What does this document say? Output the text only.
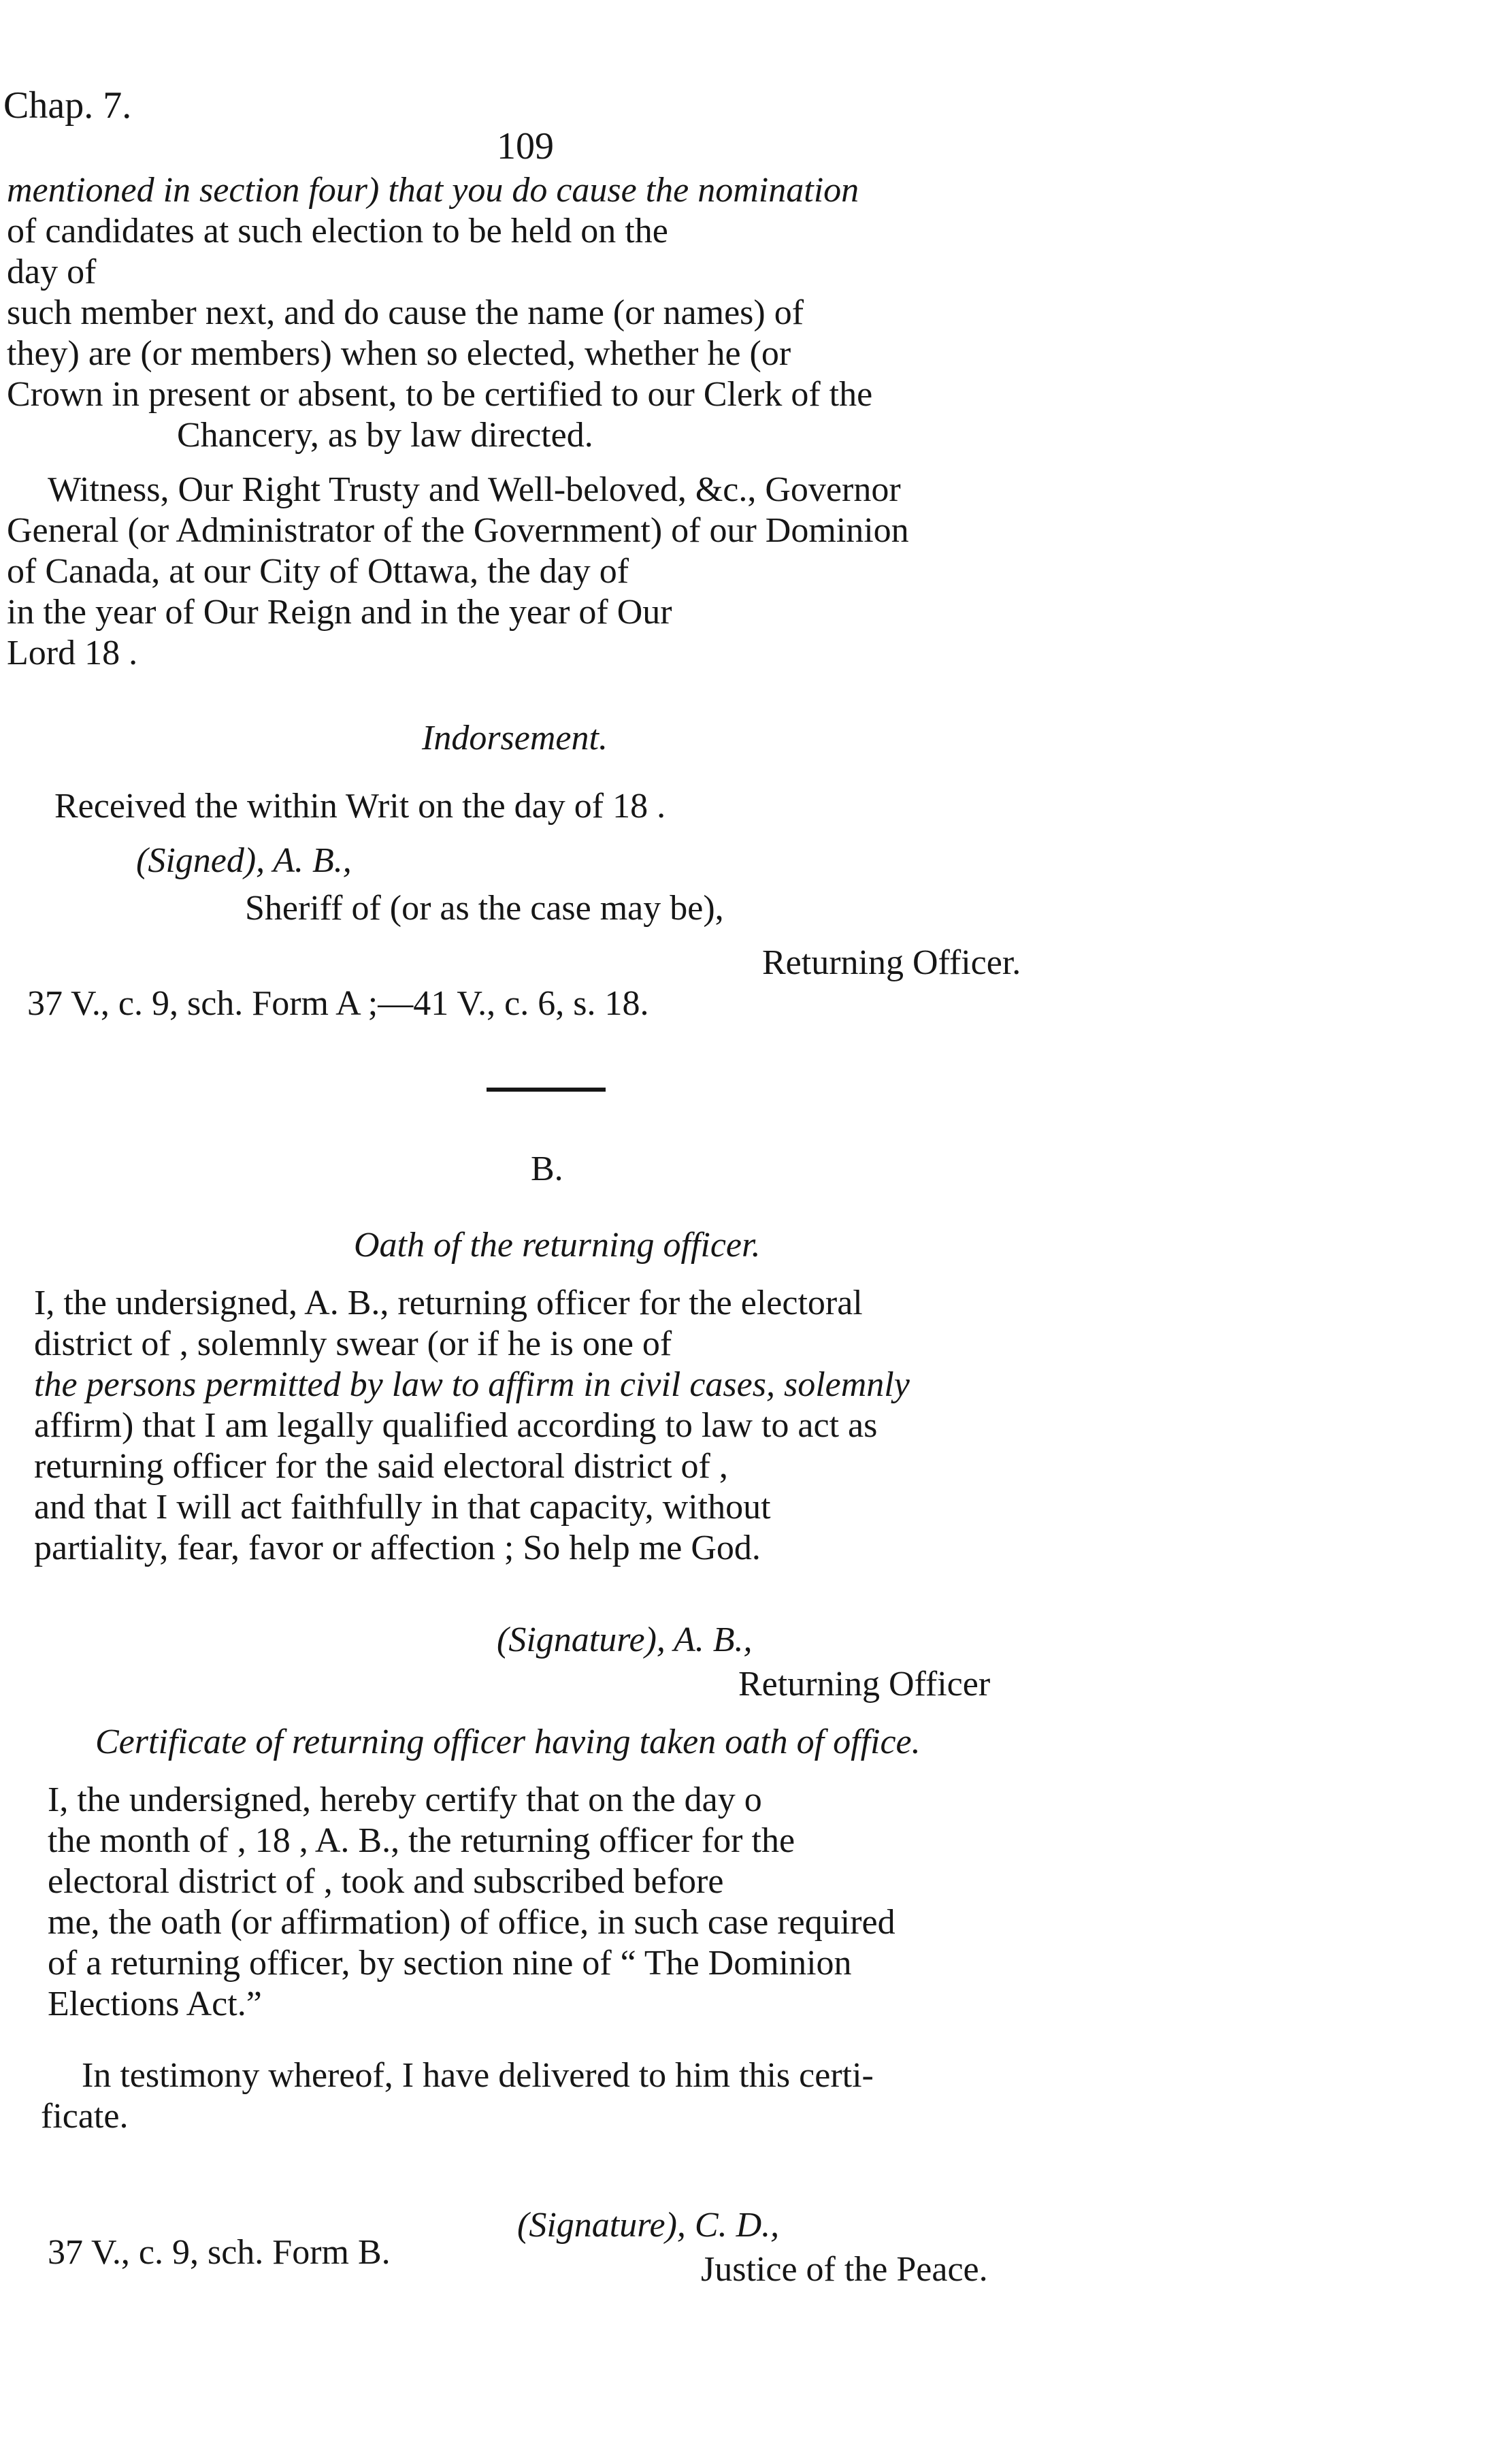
Chap. 7.
109
mentioned in section four) that you do cause the nomination
of candidates at such election to be held on the
day of
such member next, and do cause the name (or names) of
they) are (or members) when so elected, whether he (or
Crown in present or absent, to be certified to our Clerk of the
Chancery, as by law directed.
Witness, Our Right Trusty and Well-beloved, &c., Governor
General (or Administrator of the Government) of our Dominion
of Canada, at our City of Ottawa, the day of
in the year of Our Reign and in the year of Our
Lord 18 .
Indorsement.
Received the within Writ on the day of 18 .
(Signed), A. B.,
Sheriff of (or as the case may be),
Returning Officer.
37 V., c. 9, sch. Form A ;—41 V., c. 6, s. 18.
B.
Oath of the returning officer.
I, the undersigned, A. B., returning officer for the electoral
district of , solemnly swear (or if he is one of
the persons permitted by law to affirm in civil cases, solemnly
affirm) that I am legally qualified according to law to act as
returning officer for the said electoral district of ,
and that I will act faithfully in that capacity, without
partiality, fear, favor or affection ; So help me God.
(Signature), A. B.,
Returning Officer
Certificate of returning officer having taken oath of office.
I, the undersigned, hereby certify that on the day o
the month of , 18 , A. B., the returning officer for the
electoral district of , took and subscribed before
me, the oath (or affirmation) of office, in such case required
of a returning officer, by section nine of “ The Dominion
Elections Act.”
In testimony whereof, I have delivered to him this certi-
ficate.
(Signature), C. D.,
Justice of the Peace.
37 V., c. 9, sch. Form B.
